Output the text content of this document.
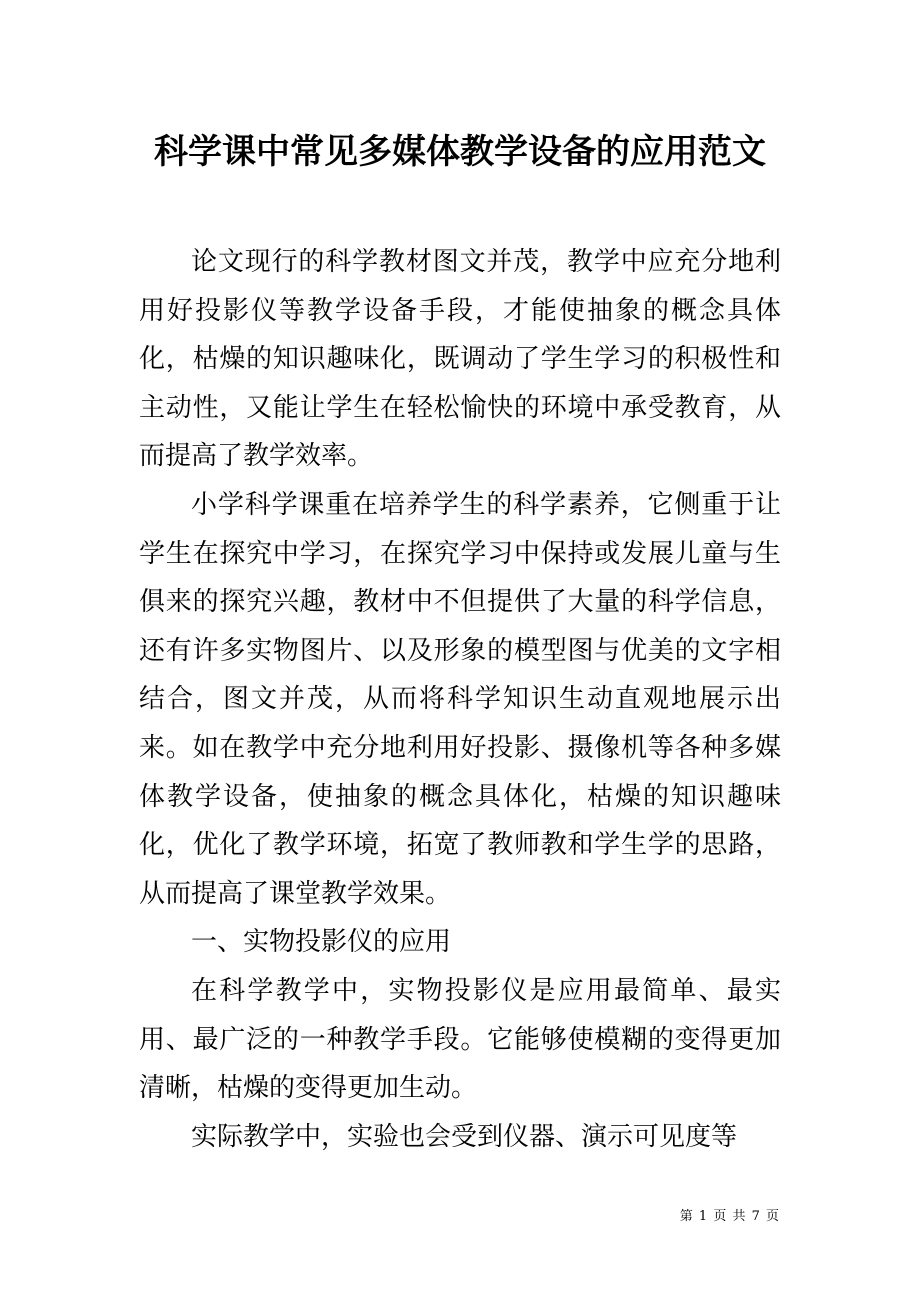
科学课中常见多媒体教学设备的应用范文

论文现行的科学教材图文并茂，教学中应充分地利用好投影仪等教学设备手段，才能使抽象的概念具体化，枯燥的知识趣味化，既调动了学生学习的积极性和主动性，又能让学生在轻松愉快的环境中承受教育，从而提高了教学效率。

小学科学课重在培养学生的科学素养，它侧重于让学生在探究中学习，在探究学习中保持或发展儿童与生俱来的探究兴趣，教材中不但提供了大量的科学信息，还有许多实物图片、以及形象的模型图与优美的文字相结合，图文并茂，从而将科学知识生动直观地展示出来。如在教学中充分地利用好投影、摄像机等各种多媒体教学设备，使抽象的概念具体化，枯燥的知识趣味化，优化了教学环境，拓宽了教师教和学生学的思路，从而提高了课堂教学效果。

一、实物投影仪的应用

在科学教学中，实物投影仪是应用最简单、最实用、最广泛的一种教学手段。它能够使模糊的变得更加清晰，枯燥的变得更加生动。

实际教学中，实验也会受到仪器、演示可见度等

第 1 页 共 7 页
